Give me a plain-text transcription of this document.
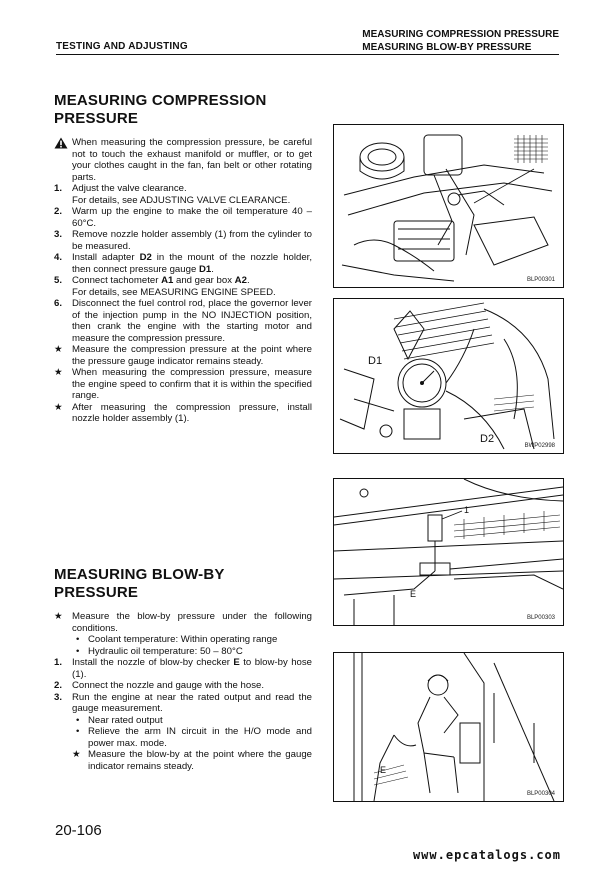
TESTING AND ADJUSTING
MEASURING COMPRESSION PRESSURE
MEASURING BLOW-BY PRESSURE
MEASURING COMPRESSION
PRESSURE
When measuring the compression pressure, be careful not to touch the exhaust manifold or muffler, or to get your clothes caught in the fan, fan belt or other rotating parts.
1. Adjust the valve clearance.
For details, see ADJUSTING VALVE CLEARANCE.
2. Warm up the engine to make the oil temperature 40 – 60°C.
3. Remove nozzle holder assembly (1) from the cylinder to be measured.
4. Install adapter D2 in the mount of the nozzle holder, then connect pressure gauge D1.
5. Connect tachometer A1 and gear box A2.
For details, see MEASURING ENGINE SPEED.
6. Disconnect the fuel control rod, place the governor lever of the injection pump in the NO INJECTION position, then crank the engine with the starting motor and measure the compression pressure.
★ Measure the compression pressure at the point where the pressure gauge indicator remains steady.
★ When measuring the compression pressure, measure the engine speed to confirm that it is within the specified range.
★ After measuring the compression pressure, install nozzle holder assembly (1).
MEASURING BLOW-BY
PRESSURE
★ Measure the blow-by pressure under the following conditions.
• Coolant temperature: Within operating range
• Hydraulic oil temperature: 50 – 80°C
1. Install the nozzle of blow-by checker E to blow-by hose (1).
2. Connect the nozzle and gauge with the hose.
3. Run the engine at near the rated output and read the gauge measurement.
• Near rated output
• Relieve the arm IN circuit in the H/O mode and power max. mode.
★ Measure the blow-by at the point where the gauge indicator remains steady.
BLP00301
D1
D2
BWP02998
1
E
BLP00303
E
BLP00304
20-106
www.epcatalogs.com
